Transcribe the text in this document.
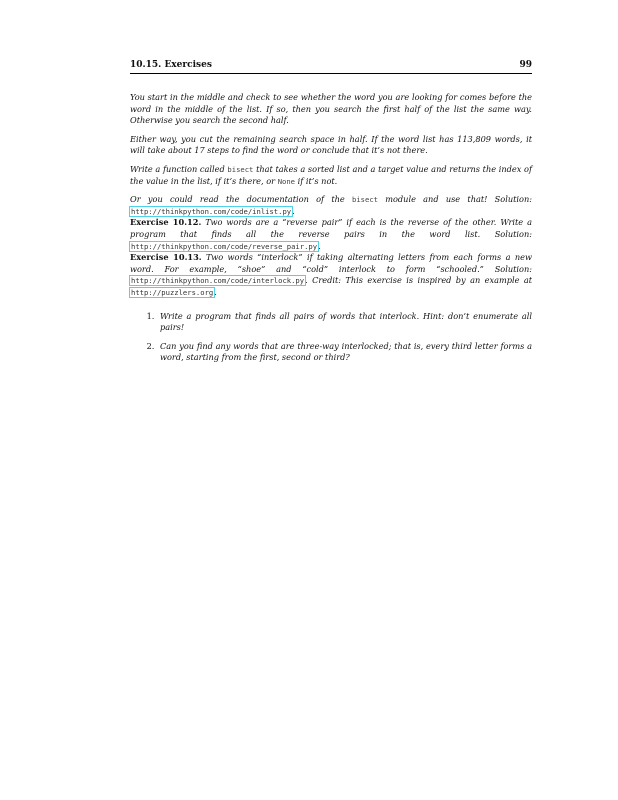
10.15. Exercises	99

You start in the middle and check to see whether the word you are looking for comes before the word in the middle of the list. If so, then you search the first half of the list the same way. Otherwise you search the second half.

Either way, you cut the remaining search space in half. If the word list has 113,809 words, it will take about 17 steps to find the word or conclude that it’s not there.

Write a function called bisect that takes a sorted list and a target value and returns the index of the value in the list, if it’s there, or None if it’s not.

Or you could read the documentation of the bisect module and use that! Solution: http://thinkpython.com/code/inlist.py.

Exercise 10.12. Two words are a “reverse pair” if each is the reverse of the other. Write a program that finds all the reverse pairs in the word list. Solution: http://thinkpython.com/code/reverse_pair.py.

Exercise 10.13. Two words “interlock” if taking alternating letters from each forms a new word. For example, “shoe” and “cold” interlock to form “schooled.” Solution: http://thinkpython.com/code/interlock.py. Credit: This exercise is inspired by an example at http://puzzlers.org.

1. Write a program that finds all pairs of words that interlock. Hint: don’t enumerate all pairs!
2. Can you find any words that are three-way interlocked; that is, every third letter forms a word, starting from the first, second or third?
